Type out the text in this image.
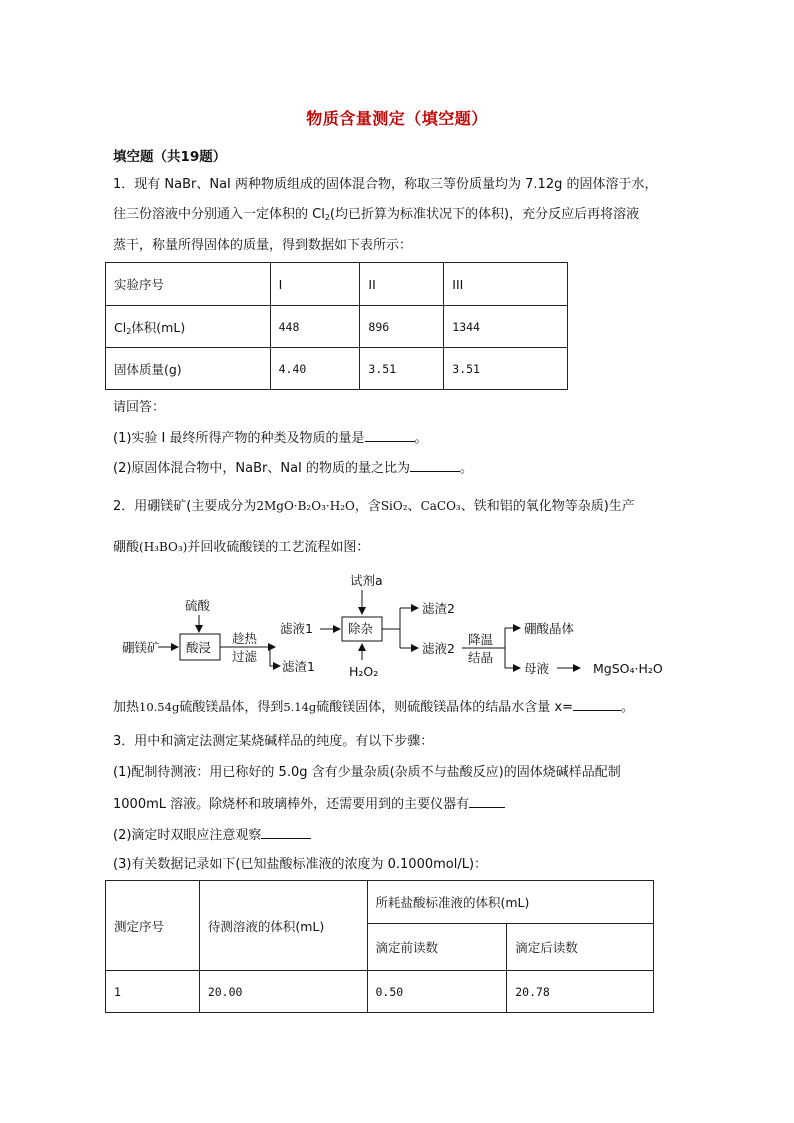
物质含量测定（填空题）
填空题（共19题）
1．现有 NaBr、NaI 两种物质组成的固体混合物，称取三等份质量均为 7.12g 的固体溶于水，
往三份溶液中分别通入一定体积的 $Cl_2$(均已折算为标准状况下的体积)，充分反应后再将溶液
蒸干，称量所得固体的质量，得到数据如下表所示：
实验序号	I	II	III
$Cl_2$体积(mL)	448	896	1344
固体质量(g)	4.40	3.51	3.51
请回答：
(1)实验 I 最终所得产物的种类及物质的量是	。
(2)原固体混合物中，NaBr、NaI 的物质的量之比为	。
2．用硼镁矿(主要成分为2MgO·B₂O₃·H₂O，含SiO₂、CaCO₃、铁和铝的氧化物等杂质)生产
硼酸(H₃BO₃)并回收硫酸镁的工艺流程如图：
试剂a
硫酸
硼镁矿 酸浸
趁热
过滤
滤液1
滤渣1
除杂
H₂O₂
滤渣2
滤液2
降温
结晶
硼酸晶体
母液	MgSO₄·H₂O
加热10.54g硫酸镁晶体，得到5.14g硫酸镁固体，则硫酸镁晶体的结晶水含量 x=	。
3．用中和滴定法测定某烧碱样品的纯度。有以下步骤：
(1)配制待测液：用已称好的 5.0g 含有少量杂质(杂质不与盐酸反应)的固体烧碱样品配制
1000mL 溶液。除烧杯和玻璃棒外，还需要用到的主要仪器有
(2)滴定时双眼应注意观察
(3)有关数据记录如下(已知盐酸标准液的浓度为 0.1000mol/L)：
测定序号	待测溶液的体积(mL)	所耗盐酸标准液的体积(mL)	
		滴定前读数	滴定后读数
1	20.00	0.50	20.78
